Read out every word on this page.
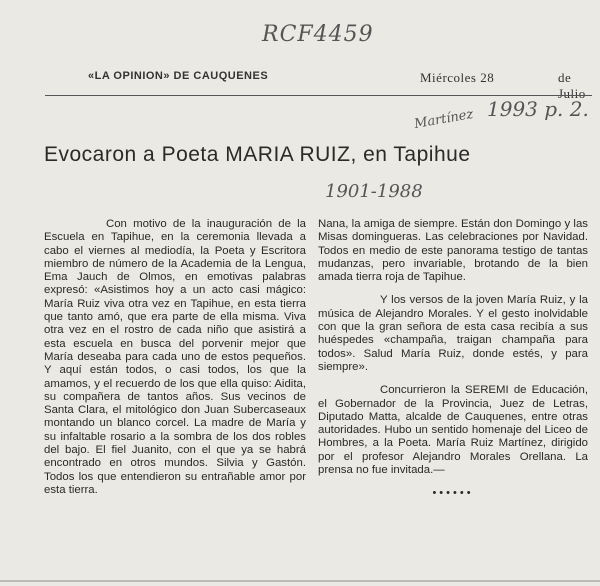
RCF4459
«LA OPINION» DE CAUQUENES	Miércoles 28	de Julio
1993 p. 2.
Martínez
Evocaron a Poeta MARIA RUIZ, en Tapihue
1901-1988

Con motivo de la inauguración de la Escuela en Tapihue, en la ceremonia llevada a cabo el viernes al mediodía, la Poeta y Escritora miembro de número de la Academia de la Lengua, Ema Jauch de Olmos, en emotivas palabras expresó: «Asistimos hoy a un acto casi mágico: María Ruiz viva otra vez en Tapihue, en esta tierra que tanto amó, que era parte de ella misma. Viva otra vez en el rostro de cada niño que asistirá a esta escuela en busca del porvenir mejor que María deseaba para cada uno de estos pequeños. Y aquí están todos, o casi todos, los que la amamos, y el recuerdo de los que ella quiso: Aidita, su compañera de tantos años. Sus vecinos de Santa Clara, el mitológico don Juan Subercaseaux montando un blanco corcel. La madre de María y su infaltable rosario a la sombra de los dos robles del bajo. El fiel Juanito, con el que ya se habrá encontrado en otros mundos. Silvia y Gastón. Todos los que entendieron su entrañable amor por esta tierra.

Nana, la amiga de siempre. Están don Domingo y las Misas domingueras. Las celebraciones por Navidad. Todos en medio de este panorama testigo de tantas mudanzas, pero invariable, brotando de la bien amada tierra roja de Tapihue.

Y los versos de la joven María Ruiz, y la música de Alejandro Morales. Y el gesto inolvidable con que la gran señora de esta casa recibía a sus huéspedes «champaña, traigan champaña para todos». Salud María Ruiz, donde estés, y para siempre».

Concurrieron la SEREMI de Educación, el Gobernador de la Provincia, Juez de Letras, Diputado Matta, alcalde de Cauquenes, entre otras autoridades. Hubo un sentido homenaje del Liceo de Hombres, a la Poeta. María Ruiz Martínez, dirigido por el profesor Alejandro Morales Orellana. La prensa no fue invitada.—

••••••
